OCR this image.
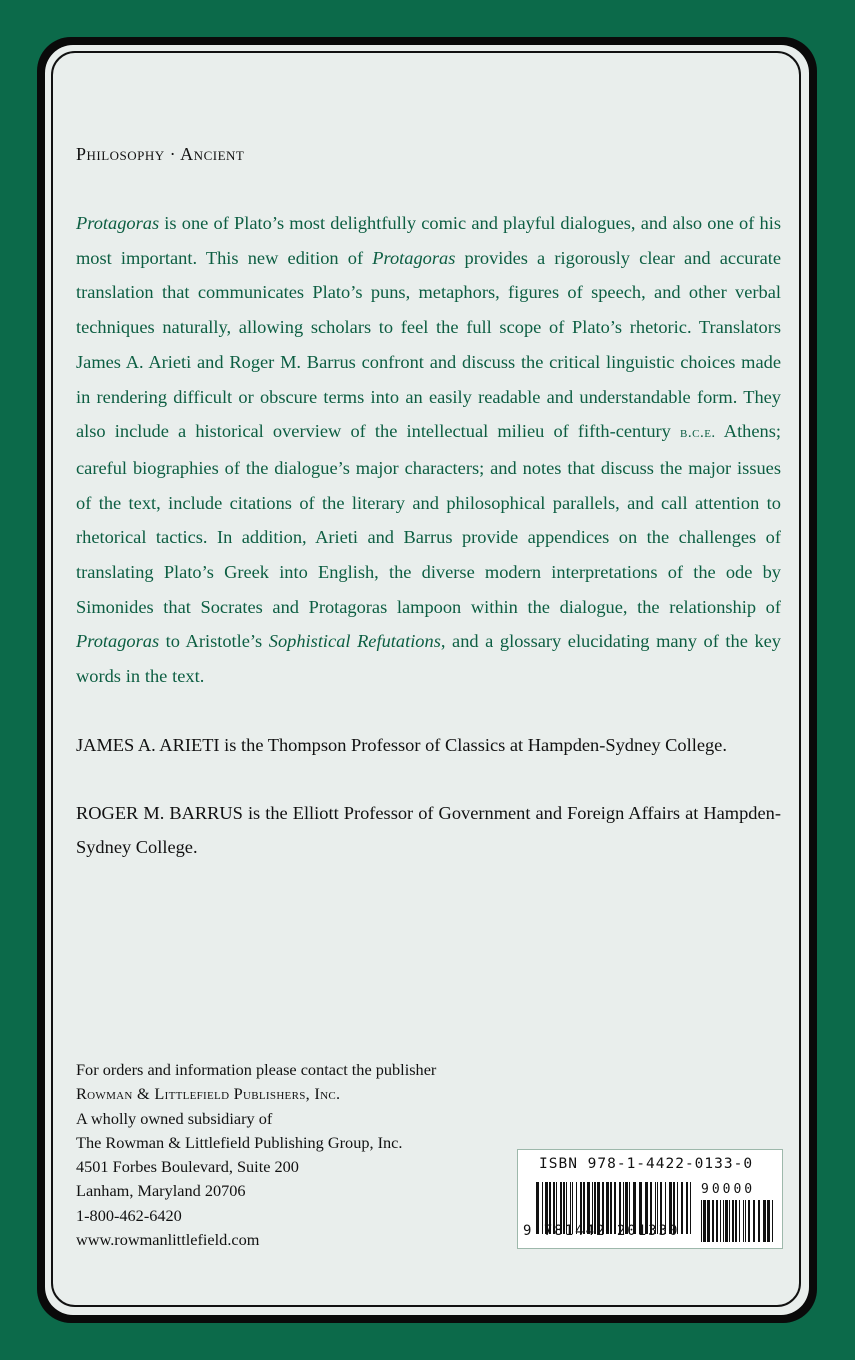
Philosophy · Ancient

Protagoras is one of Plato’s most delightfully comic and playful dialogues, and also one of his most important. This new edition of Protagoras provides a rigorously clear and accurate translation that communicates Plato’s puns, metaphors, figures of speech, and other verbal techniques naturally, allowing scholars to feel the full scope of Plato’s rhetoric. Translators James A. Arieti and Roger M. Barrus confront and discuss the critical linguistic choices made in rendering difficult or obscure terms into an easily readable and understandable form. They also include a historical overview of the intellectual milieu of fifth-century b.c.e. Athens; careful biographies of the dialogue’s major characters; and notes that discuss the major issues of the text, include citations of the literary and philosophical parallels, and call attention to rhetorical tactics. In addition, Arieti and Barrus provide appendices on the challenges of translating Plato’s Greek into English, the diverse modern interpretations of the ode by Simonides that Socrates and Protagoras lampoon within the dialogue, the relationship of Protagoras to Aristotle’s Sophistical Refutations, and a glossary elucidating many of the key words in the text.

JAMES A. ARIETI is the Thompson Professor of Classics at Hampden-Sydney College.

ROGER M. BARRUS is the Elliott Professor of Government and Foreign Affairs at Hampden-Sydney College.

For orders and information please contact the publisher
Rowman & Littlefield Publishers, Inc.
A wholly owned subsidiary of
The Rowman & Littlefield Publishing Group, Inc.
4501 Forbes Boulevard, Suite 200
Lanham, Maryland 20706
1-800-462-6420
www.rowmanlittlefield.com
ISBN 978-1-4422-0133-0
90000
9 781442 201330
